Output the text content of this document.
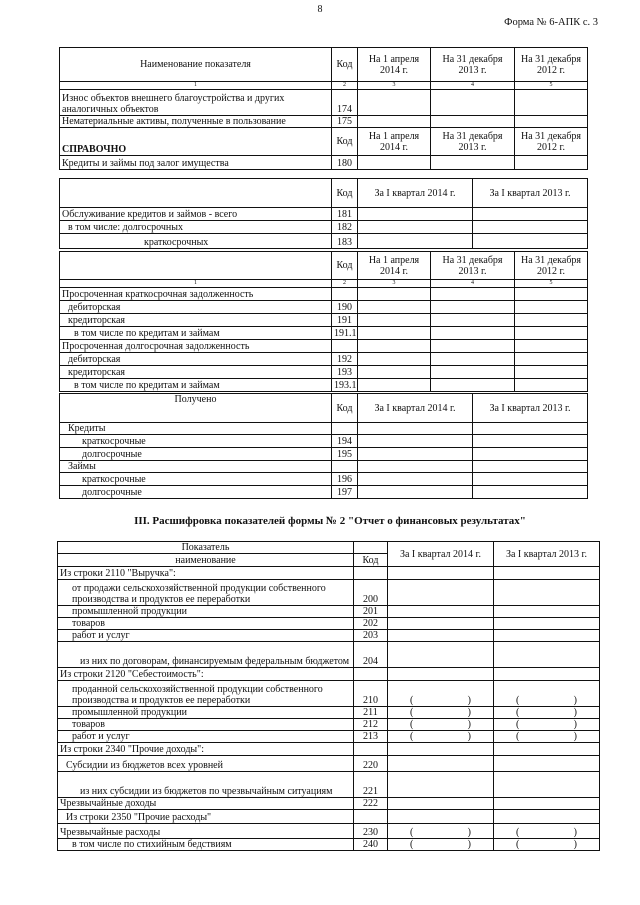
8
Форма № 6-АПК с. 3
Наименование показателя	Код	На 1 апреля 2014 г.	На 31 декабря 2013 г.	На 31 декабря 2012 г.
1	2	3	4	5
Износ объектов внешнего благоустройства и других аналогичных объектов	174			
Нематериальные активы, полученные в пользование	175			
СПРАВОЧНО	Код	На 1 апреля 2014 г.	На 31 декабря 2013 г.	На 31 декабря 2012 г.
Кредиты и займы под залог имущества	180			
	Код	За I квартал 2014 г.	За I квартал 2013 г.
Обслуживание кредитов и займов - всего	181		
в том числе: долгосрочных	182		
краткосрочных	183		
	Код	На 1 апреля 2014 г.	На 31 декабря 2013 г.	На 31 декабря 2012 г.
1	2	3	4	5
Просроченная краткосрочная задолженность				
дебиторская	190			
кредиторская	191			
в том числе по кредитам и займам	191.1			
Просроченная долгосрочная задолженность				
дебиторская	192			
кредиторская	193			
в том числе по кредитам и займам	193.1			
Получено	Код	За I квартал 2014 г.	За I квартал 2013 г.
Кредиты			
краткосрочные	194		
долгосрочные	195		
Займы			
краткосрочные	196		
долгосрочные	197		
III. Расшифровка показателей формы № 2 "Отчет о финансовых результатах"
Показатель		За I квартал 2014 г.	За I квартал 2013 г.
наименование	Код		
Из строки 2110 "Выручка":			
от продажи сельскохозяйственной продукции собственного производства и продуктов ее переработки	200		
промышленной продукции	201		
товаров	202		
работ и услуг	203		
из них по договорам, финансируемым федеральным бюджетом	204		
Из строки 2120 "Себестоимость":			
проданной сельскохозяйственной продукции собственного производства и продуктов ее переработки	210	( )	( )

промышленной продукции	211	( )	( )

товаров	212	( )	( )

работ и услуг	213	( )	( )

Из строки 2340 "Прочие доходы":			
Субсидии из бюджетов всех уровней	220		
из них субсидии из бюджетов по чрезвычайным ситуациям	221		
Чрезвычайные доходы	222		
Из строки 2350 "Прочие расходы"			
Чрезвычайные расходы	230	( )	( )

в том числе по стихийным бедствиям	240	( )	( )
